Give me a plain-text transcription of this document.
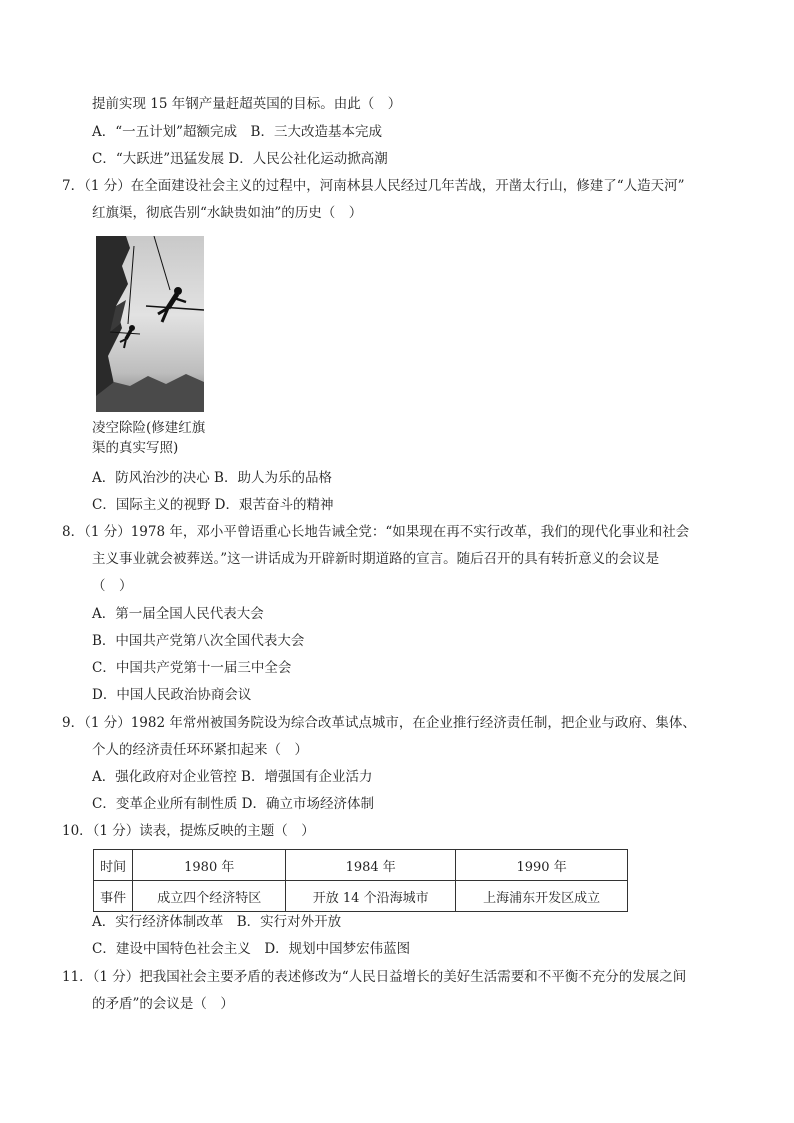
提前实现 15 年钢产量赶超英国的目标。由此（　）
A．“一五计划”超额完成　B．三大改造基本完成
C．“大跃进”迅猛发展 D．人民公社化运动掀高潮
7．（1 分）在全面建设社会主义的过程中，河南林县人民经过几年苦战，开凿太行山，修建了“人造天河”
红旗渠，彻底告别“水缺贵如油”的历史（　）
凌空除险(修建红旗渠的真实写照)
A．防风治沙的决心 B．助人为乐的品格
C．国际主义的视野 D．艰苦奋斗的精神
8．（1 分）1978 年，邓小平曾语重心长地告诫全党：“如果现在再不实行改革，我们的现代化事业和社会
主义事业就会被葬送。”这一讲话成为开辟新时期道路的宣言。随后召开的具有转折意义的会议是
（　）
A．第一届全国人民代表大会
B．中国共产党第八次全国代表大会
C．中国共产党第十一届三中全会
D．中国人民政治协商会议
9．（1 分）1982 年常州被国务院设为综合改革试点城市，在企业推行经济责任制，把企业与政府、集体、
个人的经济责任环环紧扣起来（　）
A．强化政府对企业管控 B．增强国有企业活力
C．变革企业所有制性质 D．确立市场经济体制
10．（1 分）读表，提炼反映的主题（　）
时间	1980 年	1984 年	1990 年
事件	成立四个经济特区	开放 14 个沿海城市	上海浦东开发区成立
A．实行经济体制改革　B．实行对外开放
C．建设中国特色社会主义　D．规划中国梦宏伟蓝图
11．（1 分）把我国社会主要矛盾的表述修改为“人民日益增长的美好生活需要和不平衡不充分的发展之间
的矛盾”的会议是（　）
